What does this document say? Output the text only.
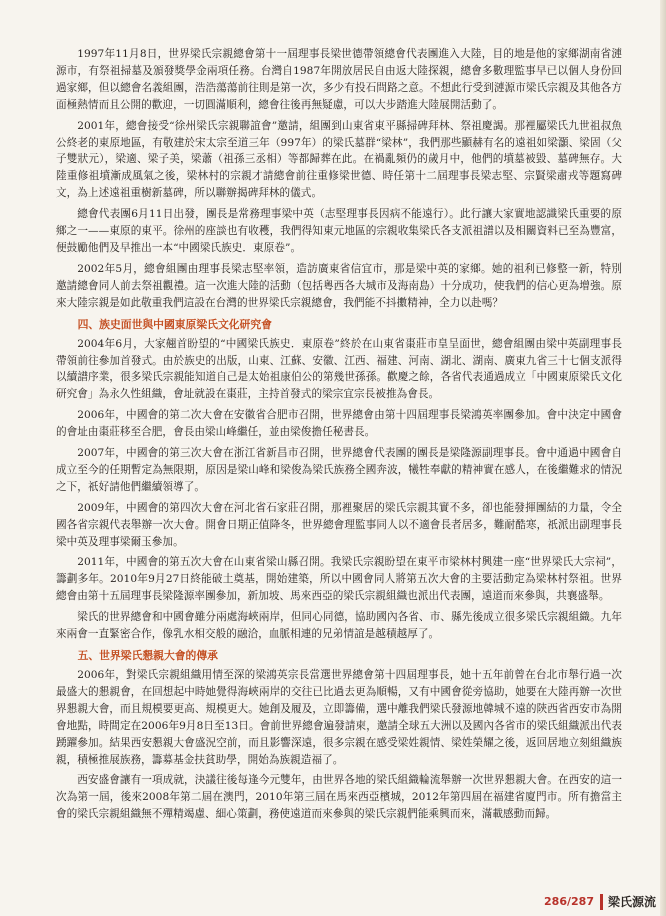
1997年11月8日，世界梁氏宗親總會第十一屆理事長梁世德帶領總會代表團進入大陸，目的地是他的家鄉湖南省漣源市，有祭祖掃墓及頒發獎學金兩項任務。台灣自1987年開放居民自由返大陸探親，總會多數理監事早已以個人身份回過家鄉，但以總會名義組團，浩浩蕩蕩前往則是第一次，多少有投石問路之意。不想此行受到漣源市梁氏宗親及其他各方面極熱情而且公開的歡迎，一切圓滿順利，總會往後再無疑慮，可以大步踏進大陸展開活動了。

2001年，總會接受“徐州梁氏宗親聯誼會”邀請，組團到山東省東平縣掃碑拜林、祭祖慶謁。那裡屬梁氏九世祖叔魚公終老的東原地區，有敬建於宋太宗至道三年（997年）的梁氏墓群“梁林”，我們那些顯赫有名的遠祖如梁灝、梁固（父子雙狀元），梁適、梁子美，梁蕭（祖孫三丞相）等都歸葬在此。在禍亂頻仍的歲月中，他們的墳墓被毀、墓碑無存。大陸重修祖墳漸成風氣之後，梁林村的宗親才請總會前往重修梁世德、時任第十二屆理事長梁志堅、宗賢梁肅戎等題寫碑文，為上述遠祖重樹新墓碑，所以聯辦揭碑拜林的儀式。

總會代表團6月11日出發，團長是常務理事梁中英（志堅理事長因病不能遠行）。此行讓大家實地認識梁氏重要的原鄉之一——東原的東平。徐州的座談也有收穫，我們得知東元地區的宗親收集梁氏各支派祖譜以及相關資料已至為豐富，便鼓勵他們及早推出一本“中國梁氏族史．東原卷”。

2002年5月，總會組團由理事長梁志堅率領，造訪廣東省信宜市，那是梁中英的家鄉。她的祖利已修整一新，特別邀請總會同人前去祭祖觀禮。這一次進大陸的活動（包括粵西各大城市及海南島）十分成功，使我們的信心更為增強。原來大陸宗親是如此敬重我們這設在台灣的世界梁氏宗親總會，我們能不抖擻精神，全力以赴嗎？

四、族史面世與中國東原梁氏文化研究會

2004年6月，大家翹首盼望的“中國梁氏族史．東原卷”終於在山東省棗莊市皇呈面世，總會組團由梁中英副理事長帶領前往參加首發式。由於族史的出版，山東、江蘇、安徽、江西、福建、河南、湖北、湖南、廣東九省三十七個支派得以續譜序業，很多梁氏宗親能知道自己是太始祖康伯公的第幾世孫孫。歡慶之餘，各省代表通過成立「中國東原梁氏文化研究會」為永久性組織，會址就設在棗莊，主持首發式的梁宗宜宗長被推為會長。

2006年，中國會的第二次大會在安徽省合肥市召開，世界總會由第十四屆理事長梁鴻英率團參加。會中決定中國會的會址由棗莊移至合肥，會長由梁山峰繼任，並由梁俊擔任秘書長。

2007年，中國會的第三次大會在浙江省新昌市召開，世界總會代表團的團長是梁隆源副理事長。會中通過中國會自成立至今的任期暫定為無限期，原因是梁山峰和梁俊為梁氏族務全國奔波，犧牲奉獻的精神實在感人，在後繼難求的情況之下，祇好請他們繼續領導了。

2009年，中國會的第四次大會在河北省石家莊召開，那裡聚居的梁氏宗親其實不多，卻也能發揮團結的力量，令全國各省宗親代表舉辦一次大會。開會日期正值降冬，世界總會理監事同人以不適會長者居多，難耐酷寒，祇派出副理事長梁中英及理事梁爾玉參加。

2011年，中國會的第五次大會在山東省梁山縣召開。我梁氏宗親盼望在東平市梁林村興建一座“世界梁氏大宗祠”，籌劃多年。2010年9月27日終能破土奠基，開始建築，所以中國會同人將第五次大會的主要活動定為梁林村祭祖。世界總會由第十五屆理事長梁隆源率團參加，新加坡、馬來西亞的梁氏宗親組織也派出代表團，遠道而來參與，共襄盛舉。

梁氏的世界總會和中國會雖分兩處海峽兩岸，但同心同德，協助國內各省、市、縣先後成立很多梁氏宗親組織。九年來兩會一直緊密合作，像乳水相交般的融洽，血脈相連的兄弟情誼是越積越厚了。

五、世界梁氏懇親大會的傳承

2006年，對梁氏宗親組織用情至深的梁鴻英宗長當選世界總會第十四屆理事長，她十五年前曾在台北市舉行過一次最盛大的懇親會，在回想起中時她覺得海峽兩岸的交往已比過去更為順暢，又有中國會從旁協助，她要在大陸再辦一次世界懇親大會，而且規模要更高、規模更大。她創及履及，立即籌備，選中離我們梁氏發源地韓城不遠的陝西省西安市為開會地點，時間定在2006年9月8日至13日。會前世界總會遍發請柬，邀請全球五大洲以及國內各省市的梁氏組織派出代表踴躍參加。結果西安懇親大會盛況空前，而且影響深遠，很多宗親在感受梁姓親情、梁姓榮耀之後，返回居地立刻組織族親，積極推展族務，籌募基金扶貧助學，開始為族親造福了。

西安盛會讓有一項成就，決議往後每逢今元雙年，由世界各地的梁氏組織輪流舉辦一次世界懇親大會。在西安的這一次為第一屆，後來2008年第二屆在澳門，2010年第三屆在馬來西亞檳城，2012年第四屆在福建省廈門市。所有擔當主會的梁氏宗親組織無不殫精竭慮、細心策劃，務使遠道而來參與的梁氏宗親們能乘興而來，滿載感動而歸。

286/287 梁氏源流
